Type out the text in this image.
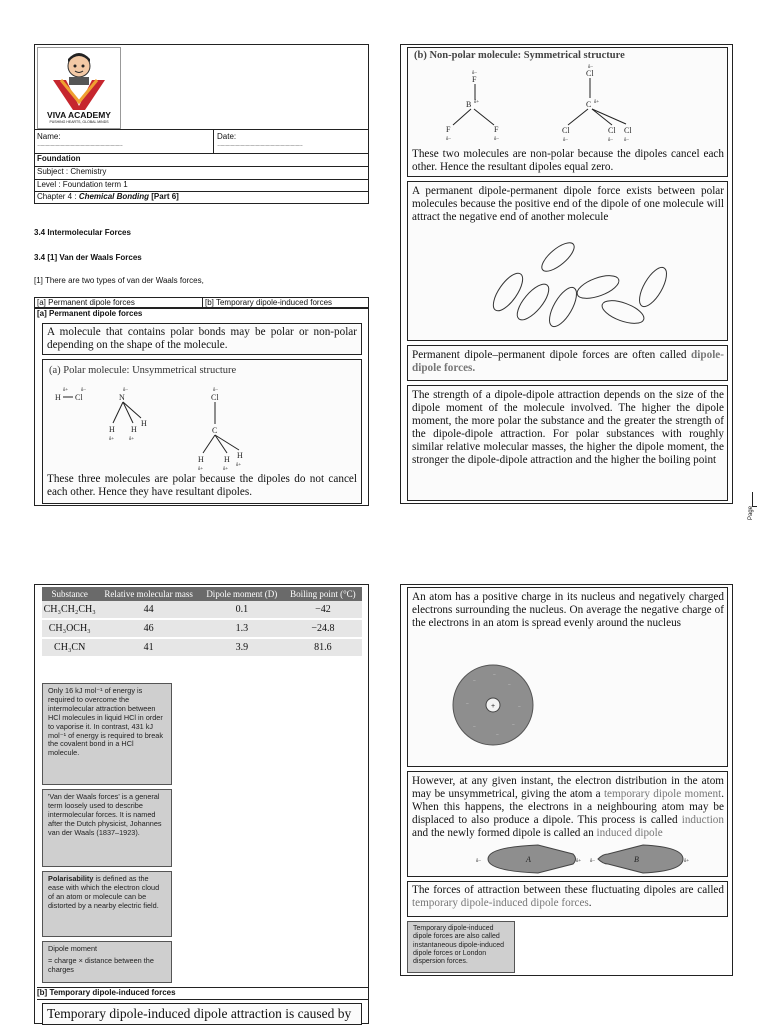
VIVA ACADEMY
PUSHING HEARTS, GLOBAL MINDS
Name:
……………………………………………
Date:
……………………………………………
Foundation
Subject : Chemistry
Level : Foundation term 1
Chapter 4 : Chemical Bonding [Part 6]
3.4 Intermolecular Forces
3.4 [1] Van der Waals Forces
[1] There are two types of van der Waals forces,
[a] Permanent dipole forces	[b] Temporary dipole-induced forces
[a] Permanent dipole forces
A molecule that contains polar bonds may be polar or non-polar depending on the shape of the molecule.
(a) Polar molecule: Unsymmetrical structure
δ+	δ−
H Cl
δ−
N
H H
H
δ+	δ+
δ−
Cl
C
H	H H
δ+	δ+
δ+
These three molecules are polar because the dipoles do not cancel each other. Hence they have resultant dipoles.
(b) Non-polar molecule: Symmetrical structure
δ−
F
B δ+
F	F
δ−	δ−
δ−
Cl
C δ+
Cl	Cl Cl
δ−	δ− δ−
These two molecules are non-polar because the dipoles cancel each other. Hence the resultant dipoles equal zero.
A permanent dipole-permanent dipole force exists between polar molecules because the positive end of the dipole of one molecule will attract the negative end of another molecule
Permanent dipole–permanent dipole forces are often called dipole-dipole forces.
The strength of a dipole-dipole attraction depends on the size of the dipole moment of the molecule involved. The higher the dipole moment, the more polar the substance and the greater the strength of the dipole-dipole attraction. For polar substances with roughly similar relative molecular masses, the higher the dipole moment, the stronger the dipole-dipole attraction and the higher the boiling point
Page
Substance	Relative molecular mass	Dipole moment (D)	Boiling point (°C)
CH₃CH₂CH₃	44	0.1	−42
CH₃OCH₃	46	1.3	−24.8
CH₃CN	41	3.9	81.6
Only 16 kJ mol⁻¹ of energy is required to overcome the intermolecular attraction between HCl molecules in liquid HCl in order to vaporise it. In contrast, 431 kJ mol⁻¹ of energy is required to break the covalent bond in a HCl molecule.
'Van der Waals forces' is a general term loosely used to describe intermolecular forces. It is named after the Dutch physicist, Johannes van der Waals (1837–1923).
Polarisability is defined as the ease with which the electron cloud of an atom or molecule can be distorted by a nearby electric field.
Dipole moment
= charge × distance between the charges
[b] Temporary dipole-induced forces
Temporary dipole-induced dipole attraction is caused by
An atom has a positive charge in its nucleus and negatively charged electrons surrounding the nucleus. On average the negative charge of the electrons in an atom is spread evenly around the nucleus
−
−
−
−	−
−
−
−
+
However, at any given instant, the electron distribution in the atom may be unsymmetrical, giving the atom a temporary dipole moment. When this happens, the electrons in a neighbouring atom may be displaced to also produce a dipole. This process is called induction and the newly formed dipole is called an induced dipole
δ−	δ+ δ−	δ+
A	B
The forces of attraction between these fluctuating dipoles are called temporary dipole-induced dipole forces.
Temporary dipole-induced dipole forces are also called instantaneous dipole-induced dipole forces or London dispersion forces.
